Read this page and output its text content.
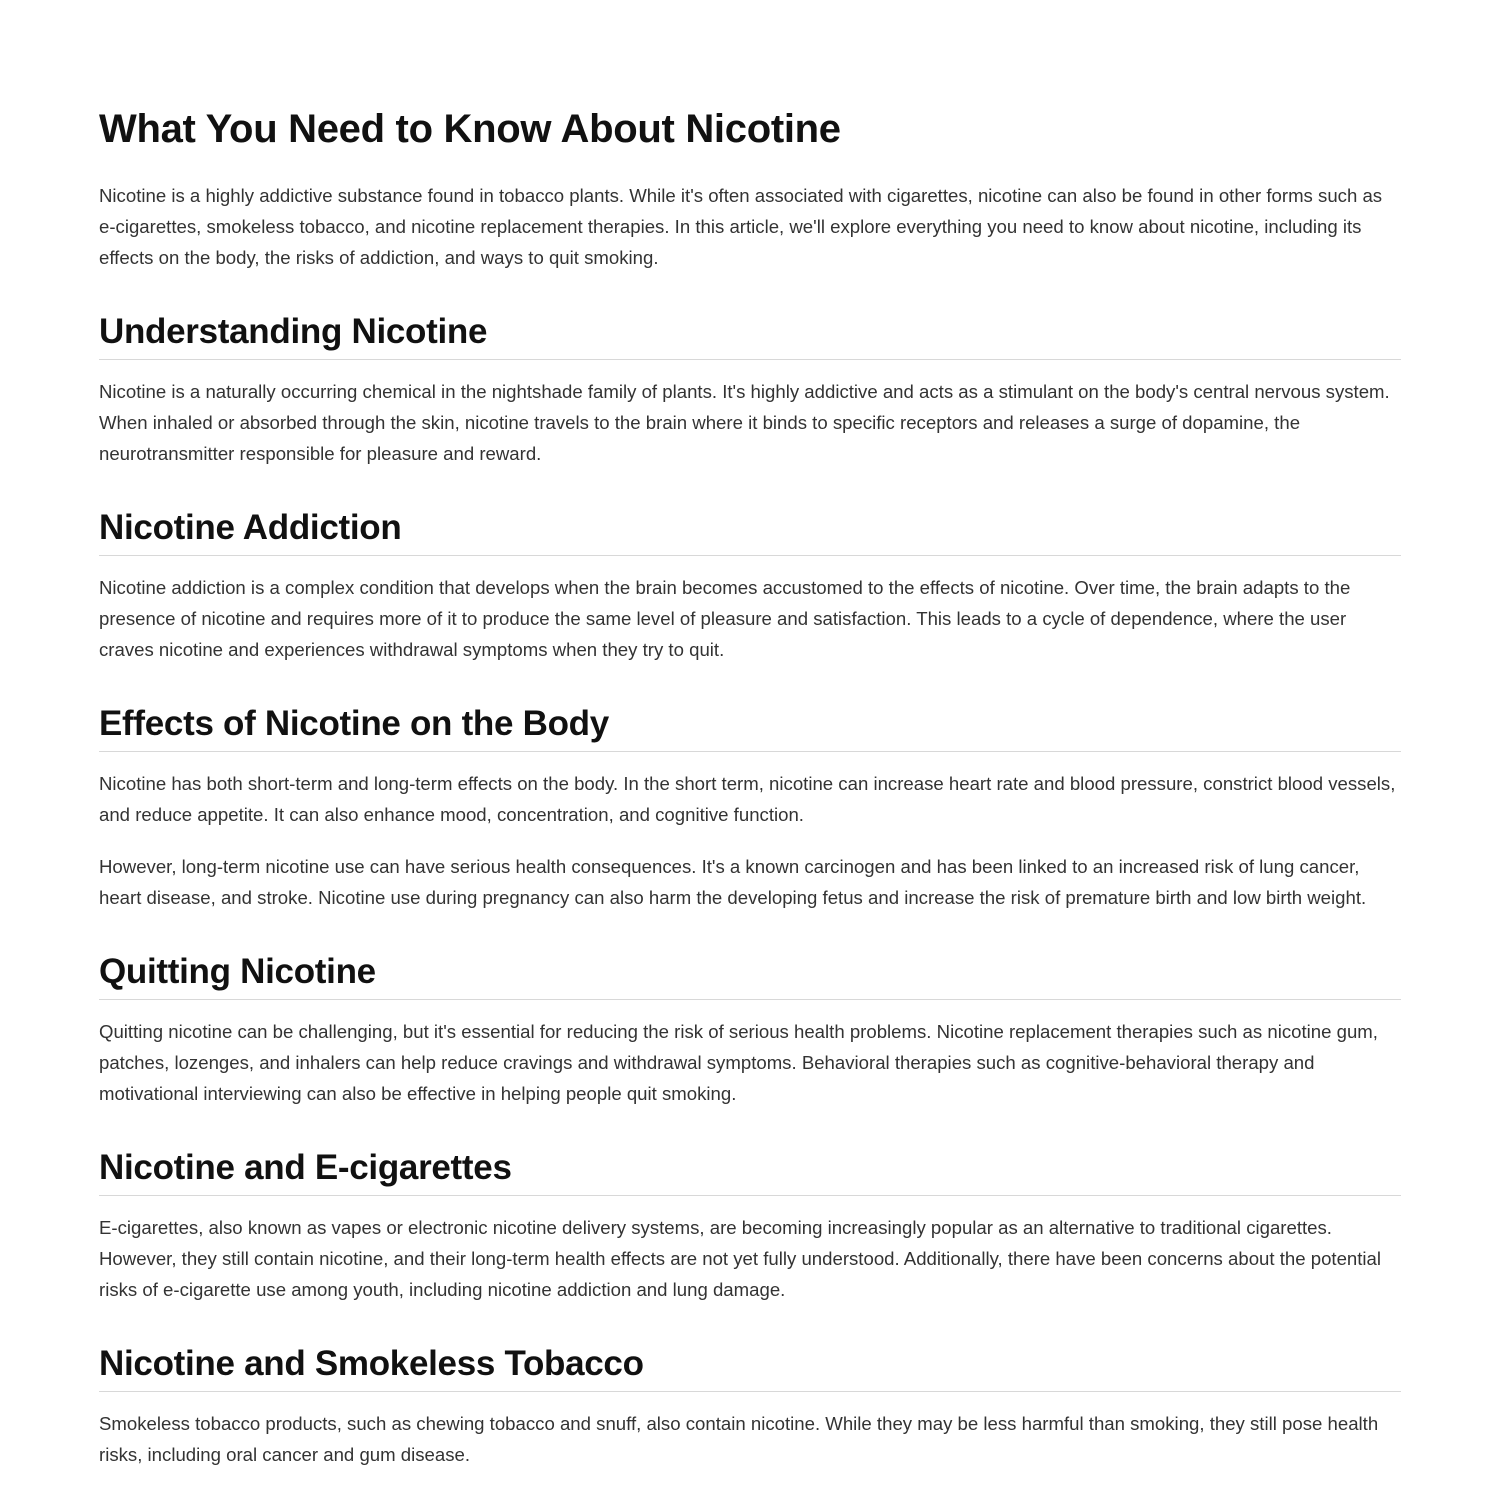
What You Need to Know About Nicotine

Nicotine is a highly addictive substance found in tobacco plants. While it's often associated with cigarettes, nicotine can also be found in other forms such as e-cigarettes, smokeless tobacco, and nicotine replacement therapies. In this article, we'll explore everything you need to know about nicotine, including its effects on the body, the risks of addiction, and ways to quit smoking.

Understanding Nicotine

Nicotine is a naturally occurring chemical in the nightshade family of plants. It's highly addictive and acts as a stimulant on the body's central nervous system. When inhaled or absorbed through the skin, nicotine travels to the brain where it binds to specific receptors and releases a surge of dopamine, the neurotransmitter responsible for pleasure and reward.

Nicotine Addiction

Nicotine addiction is a complex condition that develops when the brain becomes accustomed to the effects of nicotine. Over time, the brain adapts to the presence of nicotine and requires more of it to produce the same level of pleasure and satisfaction. This leads to a cycle of dependence, where the user craves nicotine and experiences withdrawal symptoms when they try to quit.

Effects of Nicotine on the Body

Nicotine has both short-term and long-term effects on the body. In the short term, nicotine can increase heart rate and blood pressure, constrict blood vessels, and reduce appetite. It can also enhance mood, concentration, and cognitive function.

However, long-term nicotine use can have serious health consequences. It's a known carcinogen and has been linked to an increased risk of lung cancer, heart disease, and stroke. Nicotine use during pregnancy can also harm the developing fetus and increase the risk of premature birth and low birth weight.

Quitting Nicotine

Quitting nicotine can be challenging, but it's essential for reducing the risk of serious health problems. Nicotine replacement therapies such as nicotine gum, patches, lozenges, and inhalers can help reduce cravings and withdrawal symptoms. Behavioral therapies such as cognitive-behavioral therapy and motivational interviewing can also be effective in helping people quit smoking.

Nicotine and E-cigarettes

E-cigarettes, also known as vapes or electronic nicotine delivery systems, are becoming increasingly popular as an alternative to traditional cigarettes. However, they still contain nicotine, and their long-term health effects are not yet fully understood. Additionally, there have been concerns about the potential risks of e-cigarette use among youth, including nicotine addiction and lung damage.

Nicotine and Smokeless Tobacco

Smokeless tobacco products, such as chewing tobacco and snuff, also contain nicotine. While they may be less harmful than smoking, they still pose health risks, including oral cancer and gum disease.
